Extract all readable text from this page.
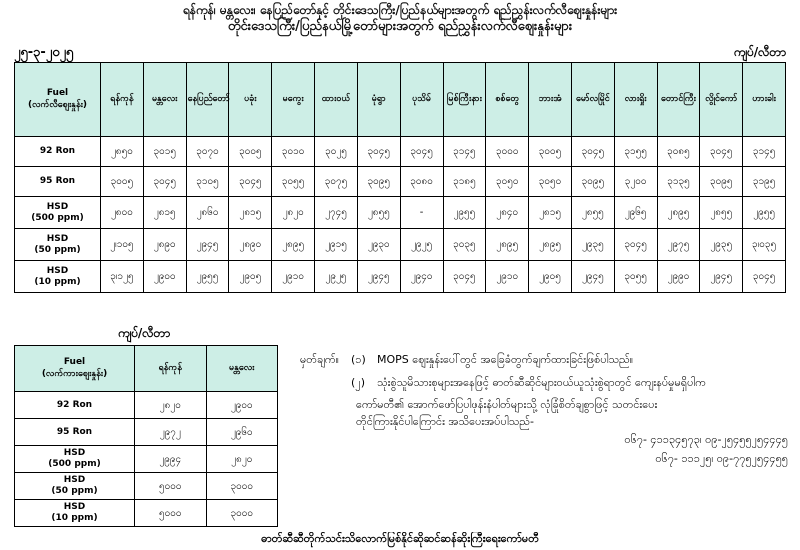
ရန်ကုန်၊ မန္တလေး၊ နေပြည်တော်နှင့် တိုင်းဒေသကြီး/ပြည်နယ်များအတွက် ရည်ညွှန်းလက်လီဈေးနှုန်းများ
တိုင်းဒေသကြီး/ပြည်နယ်မြို့တော်များအတွက် ရည်ညွှန်းလက်လီဈေးနှုန်းများ
၂၅-၃-၂၀၂၅	ကျပ်/လီတာ
Fuel
(လက်လီဈေးနှုန်း)	ရန်ကုန်	မန္တလေး	နေပြည်တော်	ပခုံး	မကွေး	ထားဝယ်	မုံရွာ	ပုသိမ်	မြစ်ကြီးနား	စစ်တွေ	ဘားအံ	မော်လမြိုင်	လားရှိုး	တောင်ကြီး	လွိုင်ကော်	ဟားခါး

92 Ron	၂၈၅၀	၃၀၁၅	၃၀၇၀	၃၀၀၅	၃၀၁၀	၃၀၂၅	၃၀၄၅	၃၀၄၅	၃၁၄၅	၃၀၀၀	၃၀၀၅	၃၀၄၅	၃၁၅၅	၃၀၈၅	၃၀၄၅	၃၁၄၅

95 Ron	၃၀၀၅	၃၀၄၅	၃၁၀၅	၃၀၄၅	၃၀၅၅	၃၀၇၅	၃၀၉၅	၃၀၈၀	၃၁၈၅	၃၀၅၀	၃၀၅၀	၃၀၉၅	၃၂၀၀	၃၁၃၅	၃၀၉၅	၃၁၉၅

HSD
(500 ppm)	၂၈၀၀	၂၈၁၅	၂၈၆၀	၂၈၁၅	၂၈၂၀	၂၇၄၅	၂၈၅၅	-	၂၉၅၅	၂၈၄၀	၂၈၁၅	၂၈၅၅	၂၉၆၅	၂၈၉၅	၂၈၅၅	၂၉၅၅

HSD
(50 ppm)	၂၊၁၀၅	၂၈၉၀	၂၉၄၅	၂၈၉၀	၂၈၉၅	၂၉၁၅	၂၉၃၀	၂၉၂၅	၃၀၃၅	၂၈၉၅	၂၈၉၅	၂၉၃၅	၃၀၄၅	၂၉၇၅	၂၉၃၅	၃၊၀၃၅

HSD
(10 ppm)	၃၊၁၂၅	၂၉၀၀	၂၉၅၅	၂၉၀၅	၂၉၁၀	၂၉၂၅	၂၉၄၅	၂၉၄၀	၃၀၄၅	၂၉၁၀	၂၉၀၅	၂၉၄၅	၃၀၅၅	၂၉၉၀	၂၉၄၅	၃၀၄၅
ကျပ်/လီတာ
Fuel
(လက်ကားဈေးနှုန်း)	ရန်ကုန်	မန္တလေး

92 Ron	၂၈၂၀	၂၉၀၀

95 Ron	၂၉၇၂	၂၉၆၀

HSD
(500 ppm)	၂၉၉၄	၂၈၂၀

HSD
(50 ppm)	၅၀၀၀	၃၀၀၀

HSD
(10 ppm)	၅၀၀၀	၃၀၀၀
မှတ်ချက်။ (၁)	MOPS ဈေးနှုန်းပေါ်တွင် အခြေခံတွက်ချက်ထားခြင်းဖြစ်ပါသည်။
(၂)	သုံးစွဲသူမိသားစုများအနေဖြင့် ဓာတ်ဆီဆိုင်များဝယ်ယူသုံးစွဲရာတွင် ကျေးနပ်မှုမရှိပါက
ကော်မတီ၏ အောက်ဖော်ပြပါဖုန်းနံပါတ်များသို့ လုံခြုံစိတ်ချစွာဖြင့် သတင်းပေး
တိုင်ကြားနိုင်ပါကြောင်း အသိပေးအပ်ပါသည်-
၀၆၇- ၄၁၁၃၄၅၇၃၊ ၀၉-၂၅၄၅၅၂၅၄၄၄၅
၀၆၇- ၁၁၁၂၅၊ ၀၉-၇၇၅၂၅၄၄၅၅
ဓာတ်ဆီဆီတိုက်သင်းသိလောက်မြစ်နိုင်ဆိုဆင်ဆန်ဆိုးကြီးရေးကော်မတီ
